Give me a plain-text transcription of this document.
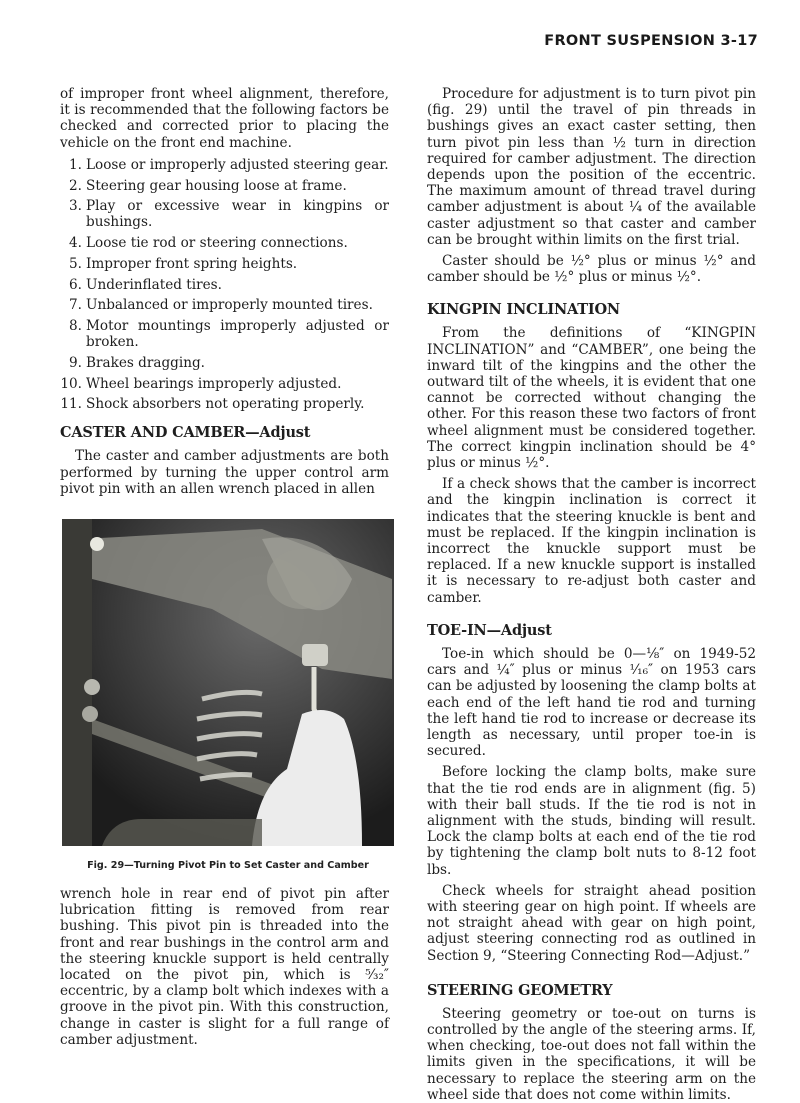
FRONT SUSPENSION 3-17

of improper front wheel alignment, therefore, it is recommended that the following factors be checked and corrected prior to placing the vehicle on the front end machine.

1. Loose or improperly adjusted steering gear.
2. Steering gear housing loose at frame.
3. Play or excessive wear in kingpins or bushings.
4. Loose tie rod or steering connections.
5. Improper front spring heights.
6. Underinflated tires.
7. Unbalanced or improperly mounted tires.
8. Motor mountings improperly adjusted or broken.
9. Brakes dragging.
10. Wheel bearings improperly adjusted.
11. Shock absorbers not operating properly.
CASTER AND CAMBER—Adjust

The caster and camber adjustments are both performed by turning the upper control arm pivot pin with an allen wrench placed in allen

Fig. 29—Turning Pivot Pin to Set Caster and Camber

wrench hole in rear end of pivot pin after lubrication fitting is removed from rear bushing. This pivot pin is threaded into the front and rear bushings in the control arm and the steering knuckle support is held centrally located on the pivot pin, which is ⁵⁄₃₂″ eccentric, by a clamp bolt which indexes with a groove in the pivot pin. With this construction, change in caster is slight for a full range of camber adjustment.

Procedure for adjustment is to turn pivot pin (fig. 29) until the travel of pin threads in bushings gives an exact caster setting, then turn pivot pin less than ½ turn in direction required for camber adjustment. The direction depends upon the position of the eccentric. The maximum amount of thread travel during camber adjustment is about ¼ of the available caster adjustment so that caster and camber can be brought within limits on the first trial.

Caster should be ½° plus or minus ½° and camber should be ½° plus or minus ½°.

KINGPIN INCLINATION

From the definitions of “KINGPIN INCLINATION” and “CAMBER”, one being the inward tilt of the kingpins and the other the outward tilt of the wheels, it is evident that one cannot be corrected without changing the other. For this reason these two factors of front wheel alignment must be considered together. The correct kingpin inclination should be 4° plus or minus ½°.

If a check shows that the camber is incorrect and the kingpin inclination is correct it indicates that the steering knuckle is bent and must be replaced. If the kingpin inclination is incorrect the knuckle support must be replaced. If a new knuckle support is installed it is necessary to re-adjust both caster and camber.

TOE-IN—Adjust

Toe-in which should be 0—⅛″ on 1949-52 cars and ¼″ plus or minus ¹⁄₁₆″ on 1953 cars can be adjusted by loosening the clamp bolts at each end of the left hand tie rod and turning the left hand tie rod to increase or decrease its length as necessary, until proper toe-in is secured.

Before locking the clamp bolts, make sure that the tie rod ends are in alignment (fig. 5) with their ball studs. If the tie rod is not in alignment with the studs, binding will result. Lock the clamp bolts at each end of the tie rod by tightening the clamp bolt nuts to 8-12 foot lbs.

Check wheels for straight ahead position with steering gear on high point. If wheels are not straight ahead with gear on high point, adjust steering connecting rod as outlined in Section 9, “Steering Connecting Rod—Adjust.”

STEERING GEOMETRY

Steering geometry or toe-out on turns is controlled by the angle of the steering arms. If, when checking, toe-out does not fall within the limits given in the specifications, it will be necessary to replace the steering arm on the wheel side that does not come within limits.
